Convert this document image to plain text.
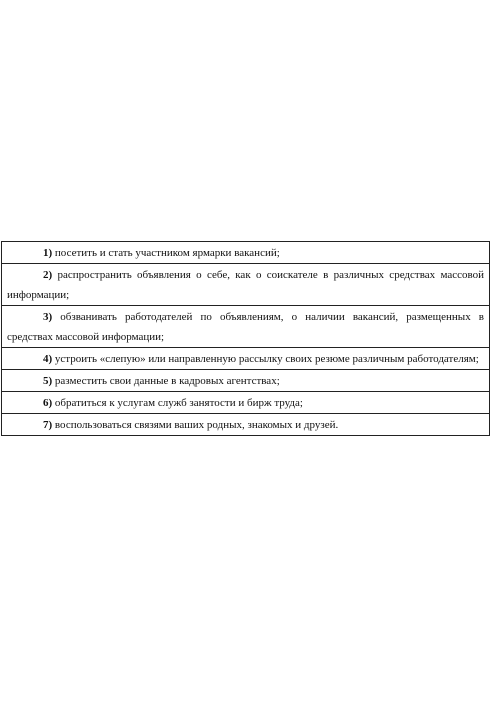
1) посетить и стать участником ярмарки вакансий;
2) распространить объявления о себе, как о соискателе в различных средствах массовой информации;
3) обзванивать работодателей по объявлениям, о наличии вакансий, размещенных в средствах массовой информации;
4) устроить «слепую» или направленную рассылку своих резюме различным работодателям;
5) разместить свои данные в кадровых агентствах;
6) обратиться к услугам служб занятости и бирж труда;
7) воспользоваться связями ваших родных, знакомых и друзей.
